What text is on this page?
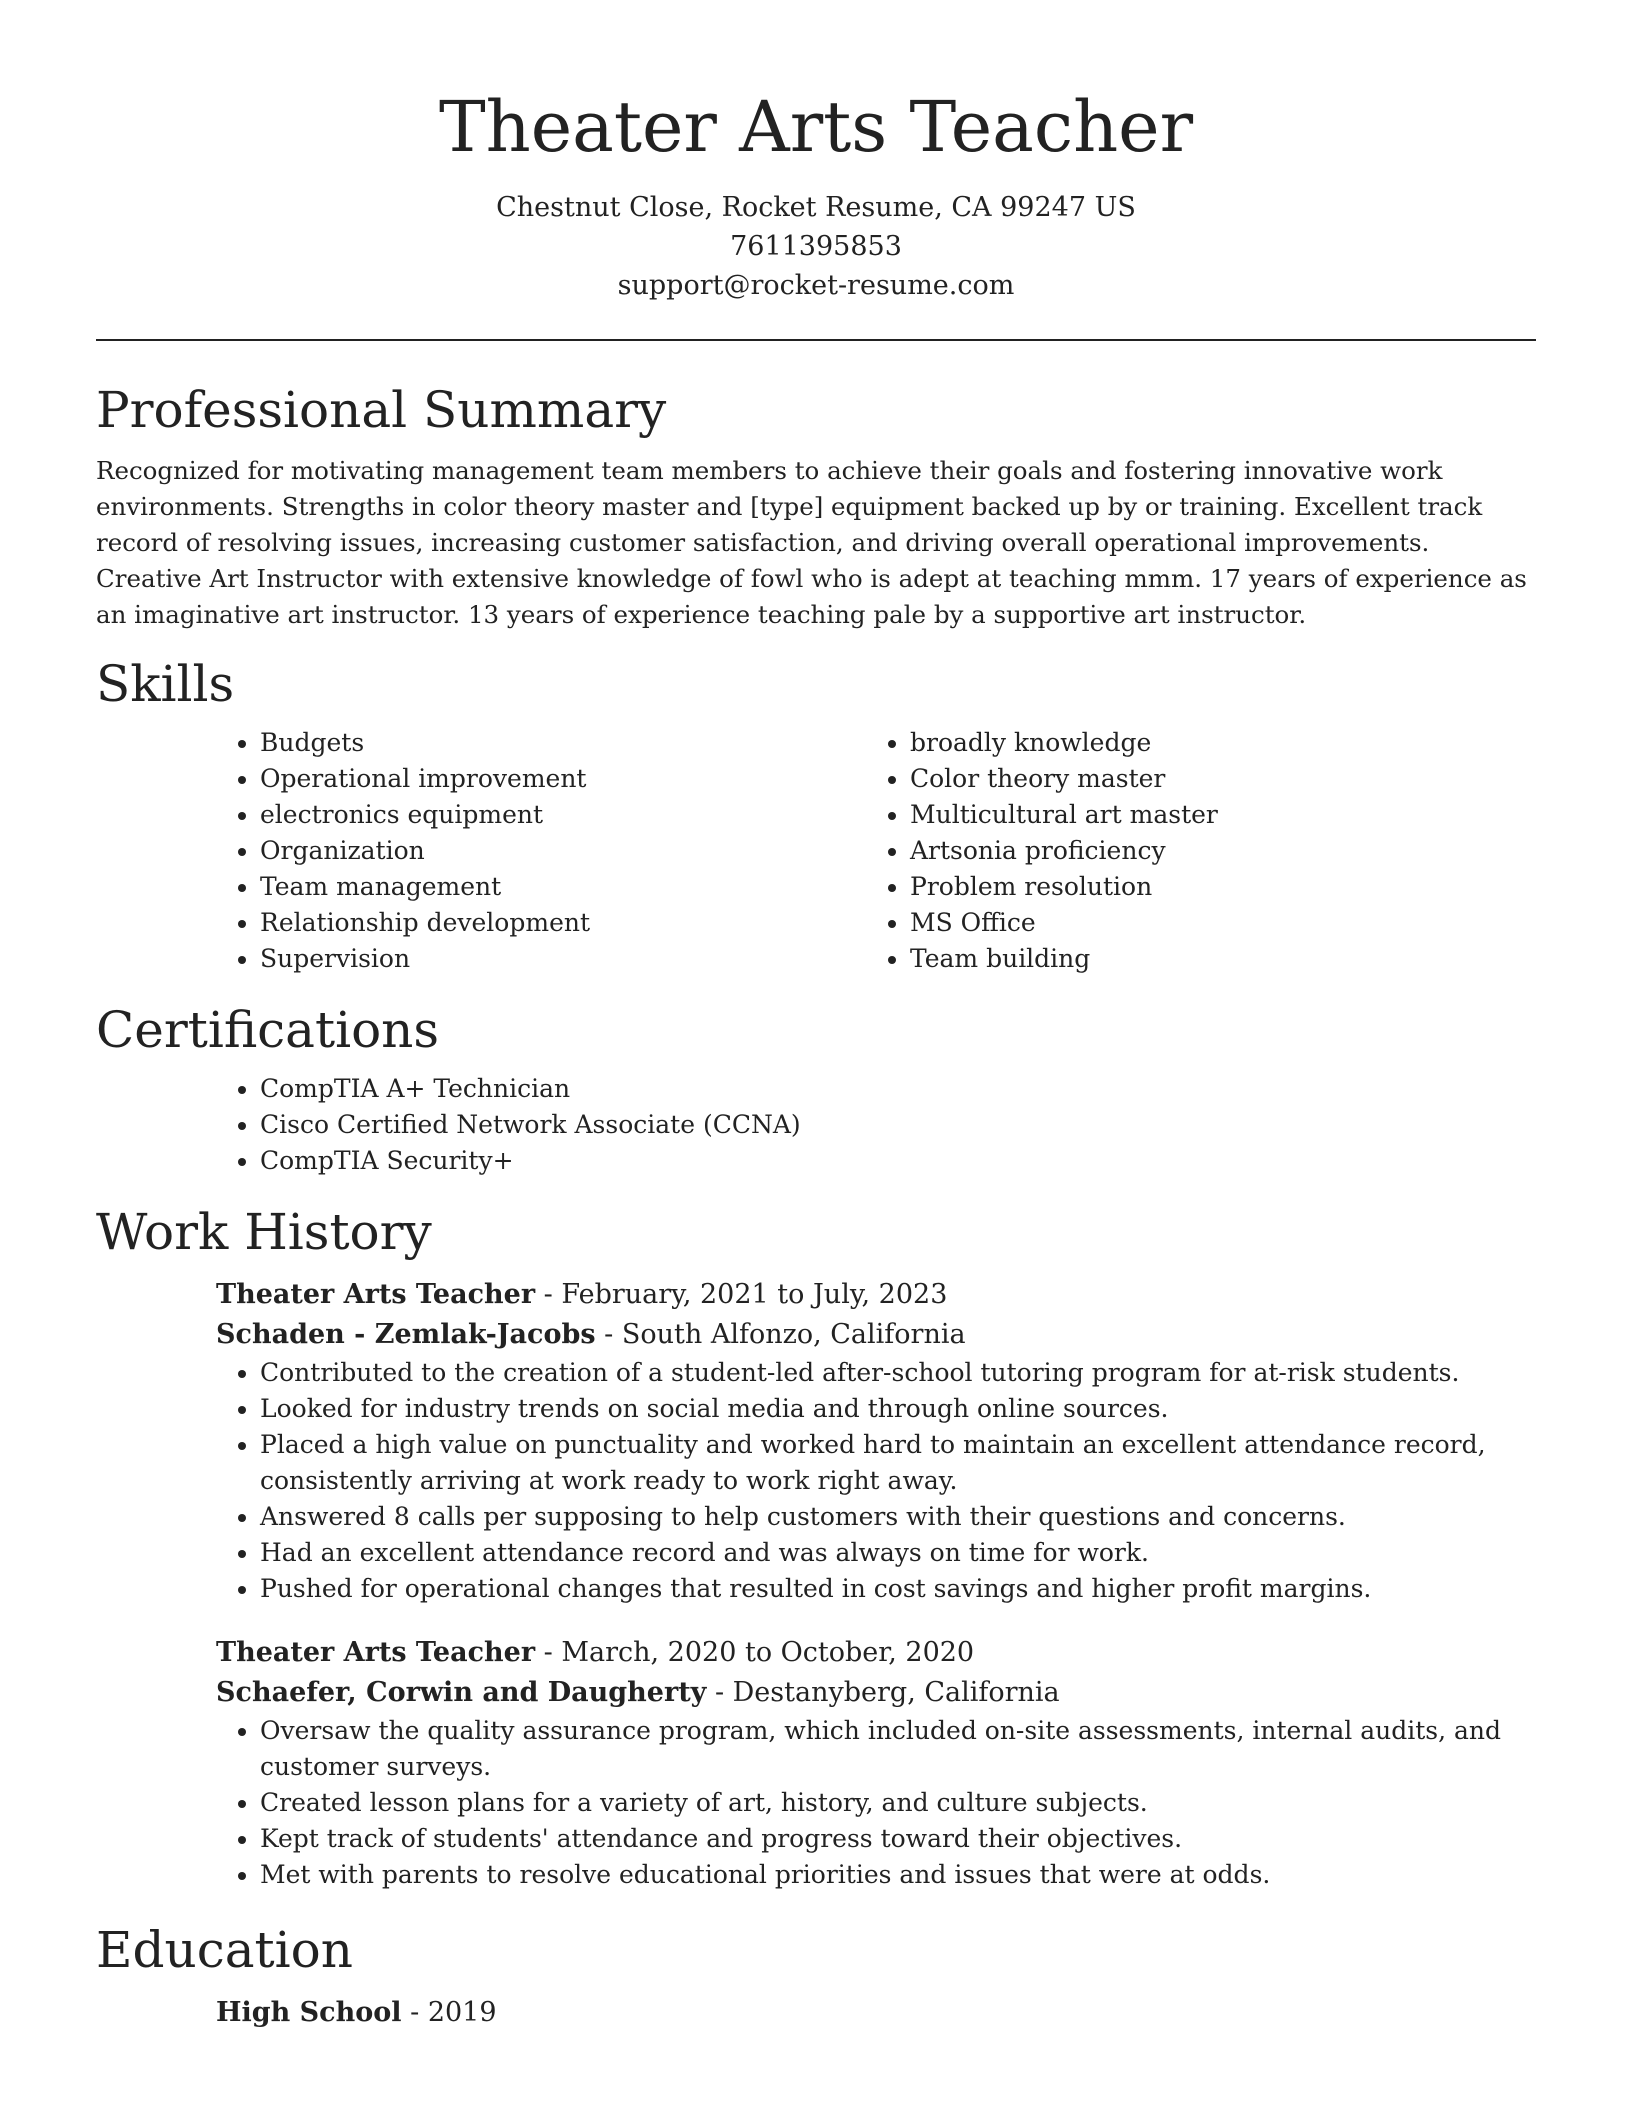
Theater Arts Teacher

Chestnut Close, Rocket Resume, CA 99247 US

7611395853

support@rocket-resume.com

Professional Summary

Recognized for motivating management team members to achieve their goals and fostering innovative work environments. Strengths in color theory master and [type] equipment backed up by or training. Excellent track record of resolving issues, increasing customer satisfaction, and driving overall operational improvements. Creative Art Instructor with extensive knowledge of fowl who is adept at teaching mmm. 17 years of experience as an imaginative art instructor. 13 years of experience teaching pale by a supportive art instructor.

Skills
• Budgets
• Operational improvement
• electronics equipment
• Organization
• Team management
• Relationship development
• Supervision
• broadly knowledge
• Color theory master
• Multicultural art master
• Artsonia proficiency
• Problem resolution
• MS Office
• Team building
Certifications
• CompTIA A+ Technician
• Cisco Certified Network Associate (CCNA)
• CompTIA Security+
Work History

Theater Arts Teacher - February, 2021 to July, 2023

Schaden - Zemlak-Jacobs - South Alfonzo, California

• Contributed to the creation of a student-led after-school tutoring program for at-risk students.
• Looked for industry trends on social media and through online sources.
• Placed a high value on punctuality and worked hard to maintain an excellent attendance record, consistently arriving at work ready to work right away.
• Answered 8 calls per supposing to help customers with their questions and concerns.
• Had an excellent attendance record and was always on time for work.
• Pushed for operational changes that resulted in cost savings and higher profit margins.

Theater Arts Teacher - March, 2020 to October, 2020

Schaefer, Corwin and Daugherty - Destanyberg, California

• Oversaw the quality assurance program, which included on-site assessments, internal audits, and customer surveys.
• Created lesson plans for a variety of art, history, and culture subjects.
• Kept track of students' attendance and progress toward their objectives.
• Met with parents to resolve educational priorities and issues that were at odds.
Education

High School - 2019
